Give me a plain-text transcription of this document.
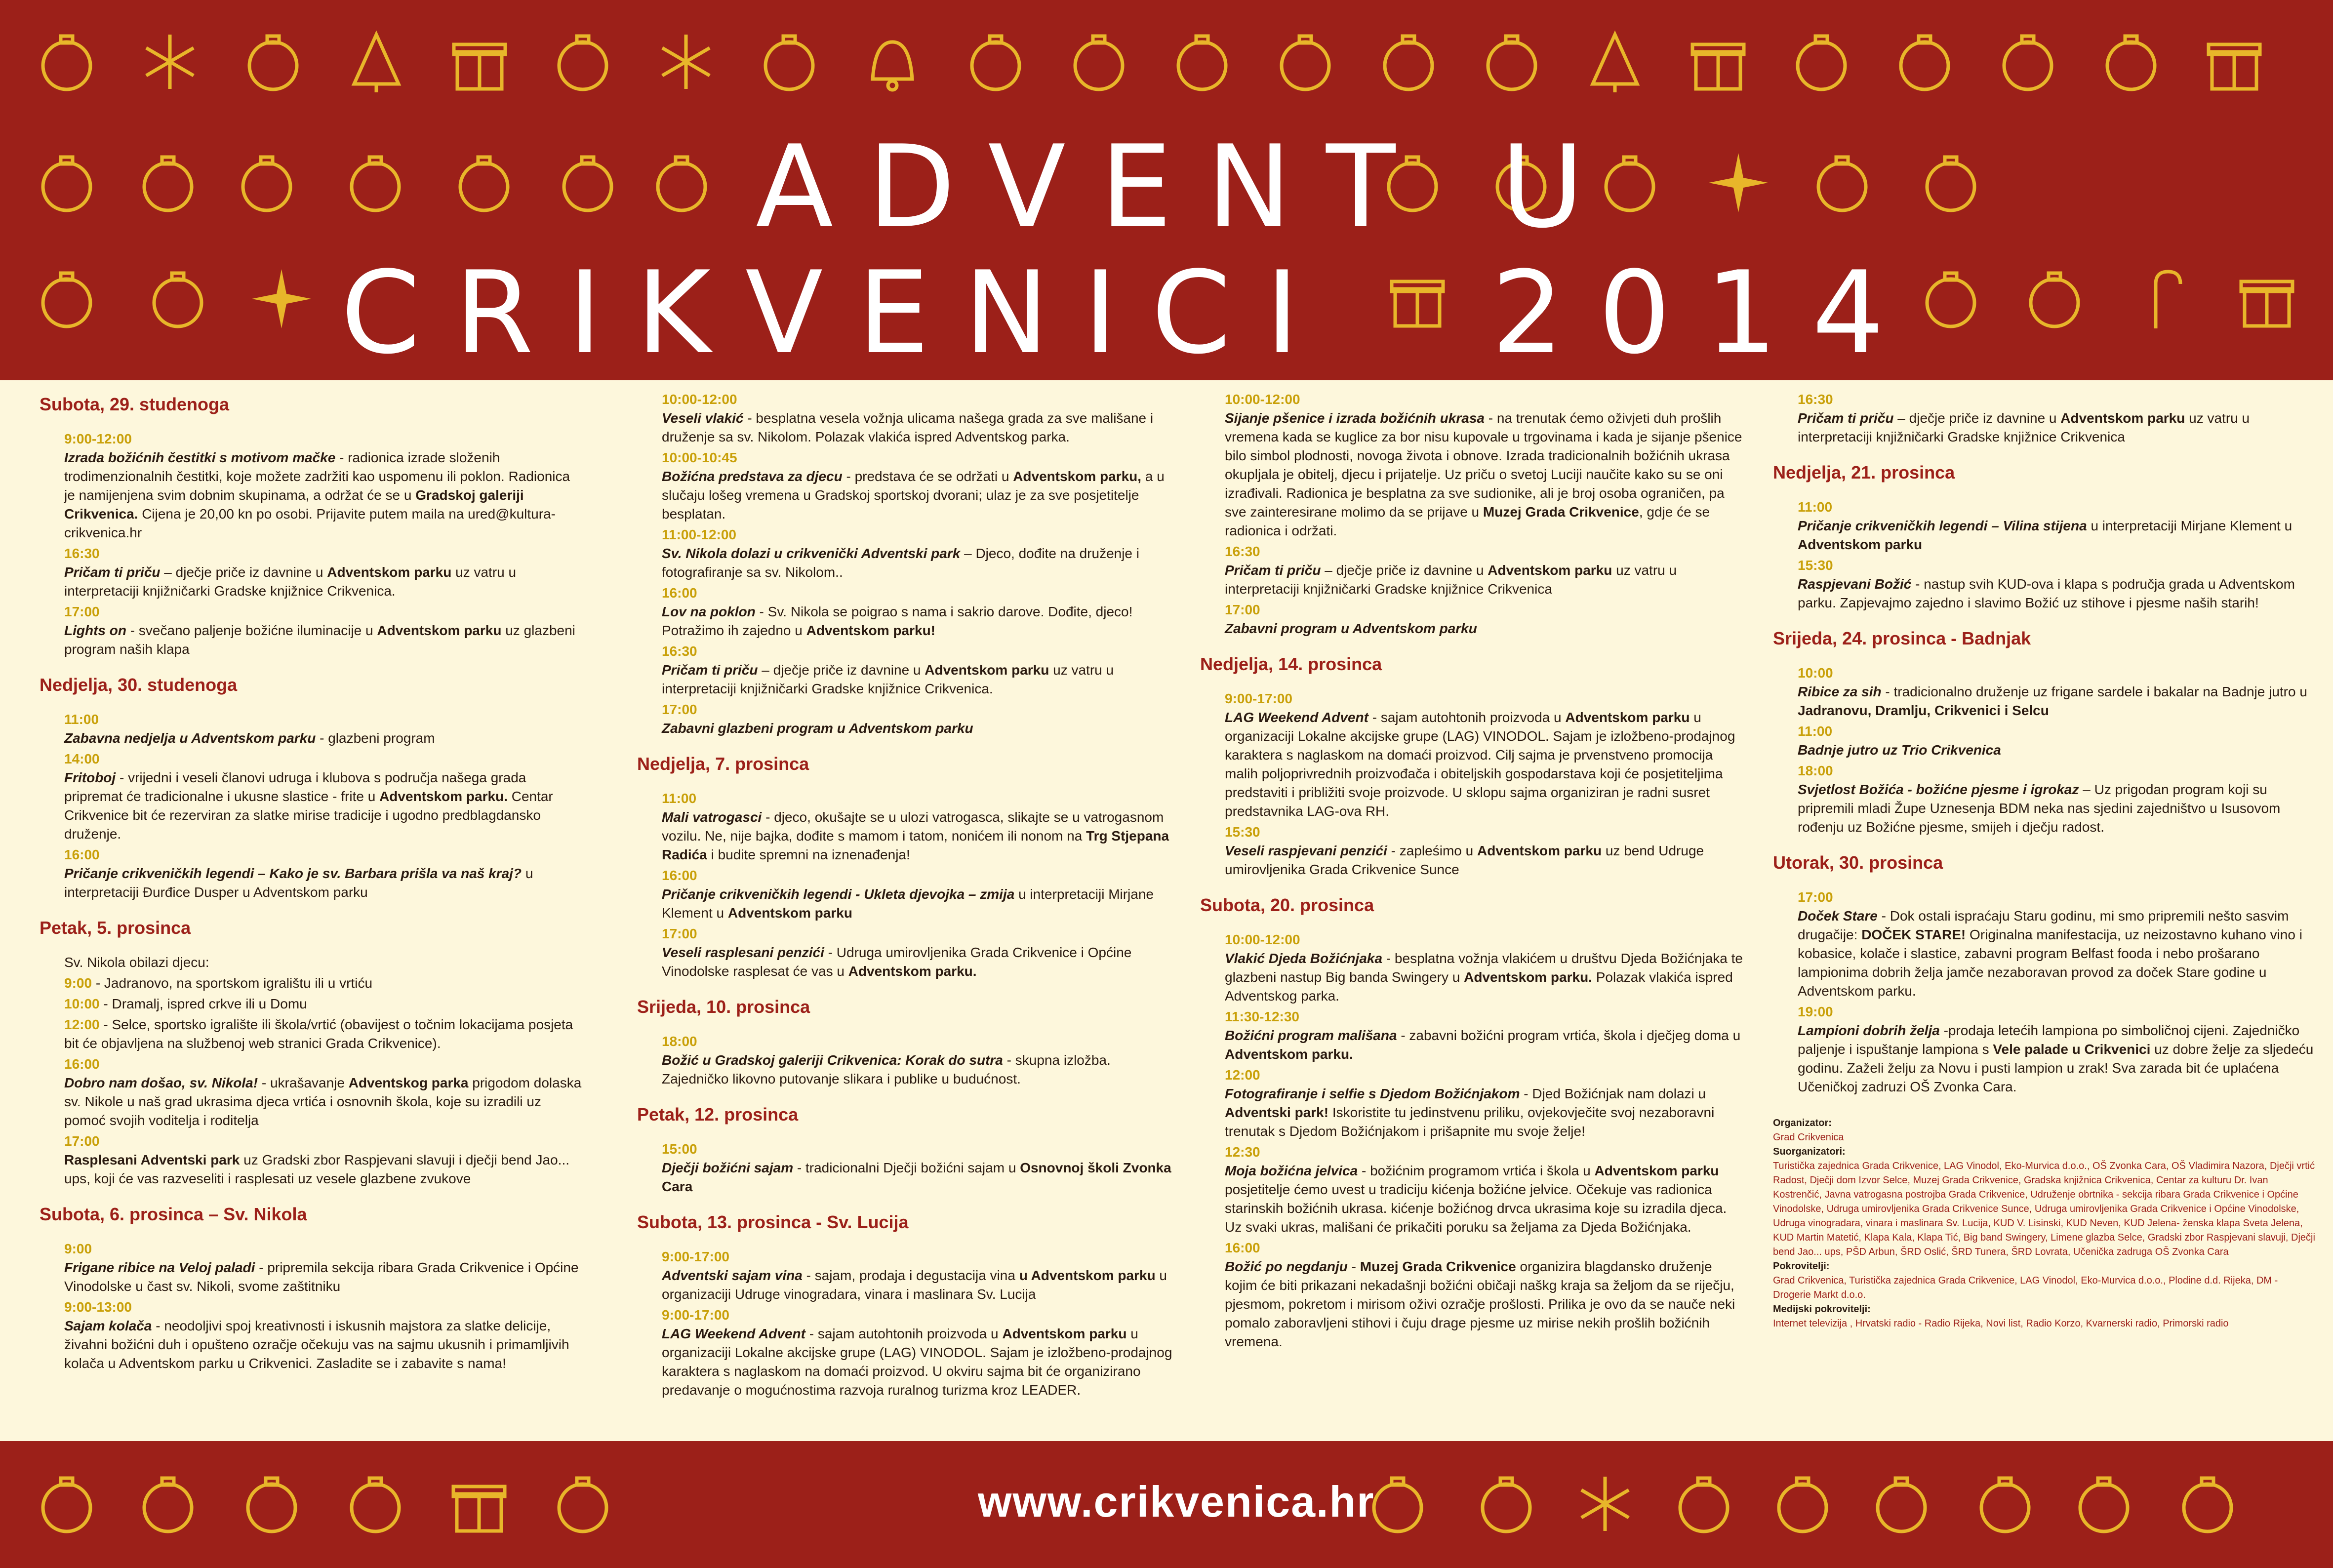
ADVENT U
CRIKVENICI 2014
Subota, 29. studenoga
9:00-12:00
Izrada božićnih čestitki s motivom mačke - radionica izrade složenih trodimenzionalnih čestitki, koje možete zadržiti kao uspomenu ili poklon. Radionica je namijenjena svim dobnim skupinama, a održat će se u Gradskoj galeriji Crikvenica. Cijena je 20,00 kn po osobi. Prijavite putem maila na ured@kultura-crikvenica.hr
16:30
Pričam ti priču – dječje priče iz davnine u Adventskom parku uz vatru u interpretaciji knjižničarki Gradske knjižnice Crikvenica.
17:00
Lights on - svečano paljenje božićne iluminacije u Adventskom parku uz glazbeni program naših klapa
Nedjelja, 30. studenoga
11:00
Zabavna nedjelja u Adventskom parku - glazbeni program
14:00
Fritoboj - vrijedni i veseli članovi udruga i klubova s područja našega grada pripremat će tradicionalne i ukusne slastice - frite u Adventskom parku. Centar Crikvenice bit će rezerviran za slatke mirise tradicije i ugodno predblagdansko druženje.
16:00
Pričanje crikveničkih legendi – Kako je sv. Barbara prišla va naš kraj? u interpretaciji Đurđice Dusper u Adventskom parku
Petak, 5. prosinca
Sv. Nikola obilazi djecu:
9:00 - Jadranovo, na sportskom igralištu ili u vrtiću
10:00 - Dramalj, ispred crkve ili u Domu
12:00 - Selce, sportsko igralište ili škola/vrtić (obavijest o točnim lokacijama posjeta bit će objavljena na službenoj web stranici Grada Crikvenice).
16:00
Dobro nam došao, sv. Nikola! - ukrašavanje Adventskog parka prigodom dolaska sv. Nikole u naš grad ukrasima djeca vrtića i osnovnih škola, koje su izradili uz pomoć svojih voditelja i roditelja
17:00
Rasplesani Adventski park uz Gradski zbor Raspjevani slavuji i dječji bend Jao... ups, koji će vas razveseliti i rasplesati uz vesele glazbene zvukove
Subota, 6. prosinca – Sv. Nikola
9:00
Frigane ribice na Veloj paladi - pripremila sekcija ribara Grada Crikvenice i Općine Vinodolske u čast sv. Nikoli, svome zaštitniku
9:00-13:00
Sajam kolača - neodoljivi spoj kreativnosti i iskusnih majstora za slatke delicije, živahni božićni duh i opušteno ozračje očekuju vas na sajmu ukusnih i primamljivih kolača u Adventskom parku u Crikvenici. Zasladite se i zabavite s nama!
10:00-12:00
Veseli vlakić - besplatna vesela vožnja ulicama našega grada za sve mališane i druženje sa sv. Nikolom. Polazak vlakića ispred Adventskog parka.
10:00-10:45
Božićna predstava za djecu - predstava će se održati u Adventskom parku, a u slučaju lošeg vremena u Gradskoj sportskoj dvorani; ulaz je za sve posjetitelje besplatan.
11:00-12:00
Sv. Nikola dolazi u crikvenički Adventski park – Djeco, dođite na druženje i fotografiranje sa sv. Nikolom..
16:00
Lov na poklon - Sv. Nikola se poigrao s nama i sakrio darove. Dođite, djeco! Potražimo ih zajedno u Adventskom parku!
16:30
Pričam ti priču – dječje priče iz davnine u Adventskom parku uz vatru u interpretaciji knjižničarki Gradske knjižnice Crikvenica.
17:00
Zabavni glazbeni program u Adventskom parku
Nedjelja, 7. prosinca
11:00
Mali vatrogasci - djeco, okušajte se u ulozi vatrogasca, slikajte se u vatrogasnom vozilu. Ne, nije bajka, dođite s mamom i tatom, nonićem ili nonom na Trg Stjepana Radića i budite spremni na iznenađenja!
16:00
Pričanje crikveničkih legendi - Ukleta djevojka – zmija u interpretaciji Mirjane Klement u Adventskom parku
17:00
Veseli rasplesani penzići - Udruga umirovljenika Grada Crikvenice i Općine Vinodolske rasplesat će vas u Adventskom parku.
Srijeda, 10. prosinca
18:00
Božić u Gradskoj galeriji Crikvenica: Korak do sutra - skupna izložba. Zajedničko likovno putovanje slikara i publike u budućnost.
Petak, 12. prosinca
15:00
Dječji božićni sajam - tradicionalni Dječji božićni sajam u Osnovnoj školi Zvonka Cara
Subota, 13. prosinca - Sv. Lucija
9:00-17:00
Adventski sajam vina - sajam, prodaja i degustacija vina u Adventskom parku u organizaciji Udruge vinogradara, vinara i maslinara Sv. Lucija
9:00-17:00
LAG Weekend Advent - sajam autohtonih proizvoda u Adventskom parku u organizaciji Lokalne akcijske grupe (LAG) VINODOL. Sajam je izložbeno-prodajnog karaktera s naglaskom na domaći proizvod. U okviru sajma bit će organizirano predavanje o mogućnostima razvoja ruralnog turizma kroz LEADER.
10:00-12:00
Sijanje pšenice i izrada božićnih ukrasa - na trenutak ćemo oživjeti duh prošlih vremena kada se kuglice za bor nisu kupovale u trgovinama i kada je sijanje pšenice bilo simbol plodnosti, novoga života i obnove. Izrada tradicionalnih božićnih ukrasa okupljala je obitelj, djecu i prijatelje. Uz priču o svetoj Luciji naučite kako su se oni izrađivali. Radionica je besplatna za sve sudionike, ali je broj osoba ograničen, pa sve zainteresirane molimo da se prijave u Muzej Grada Crikvenice, gdje će se radionica i održati.
16:30
Pričam ti priču – dječje priče iz davnine u Adventskom parku uz vatru u interpretaciji knjižničarki Gradske knjižnice Crikvenica
17:00
Zabavni program u Adventskom parku
Nedjelja, 14. prosinca
9:00-17:00
LAG Weekend Advent - sajam autohtonih proizvoda u Adventskom parku u organizaciji Lokalne akcijske grupe (LAG) VINODOL. Sajam je izložbeno-prodajnog karaktera s naglaskom na domaći proizvod. Cilj sajma je prvenstveno promocija malih poljoprivrednih proizvođača i obiteljskih gospodarstava koji će posjetiteljima predstaviti i približiti svoje proizvode. U sklopu sajma organiziran je radni susret predstavnika LAG-ova RH.
15:30
Veseli raspjevani penzići - zapleśimo u Adventskom parku uz bend Udruge umirovljenika Grada Crikvenice Sunce
Subota, 20. prosinca
10:00-12:00
Vlakić Djeda Božićnjaka - besplatna vožnja vlakićem u društvu Djeda Božićnjaka te glazbeni nastup Big banda Swingery u Adventskom parku. Polazak vlakića ispred Adventskog parka.
11:30-12:30
Božićni program mališana - zabavni božićni program vrtića, škola i dječjeg doma u Adventskom parku.
12:00
Fotografiranje i selfie s Djedom Božićnjakom - Djed Božićnjak nam dolazi u Adventski park! Iskoristite tu jedinstvenu priliku, ovjekovječite svoj nezaboravni trenutak s Djedom Božićnjakom i prišapnite mu svoje želje!
12:30
Moja božićna jelvica - božićnim programom vrtića i škola u Adventskom parku posjetitelje ćemo uvest u tradiciju kićenja božićne jelvice. Očekuje vas radionica starinskih božićnih ukrasa. kićenje božićnog drvca ukrasima koje su izradila djeca. Uz svaki ukras, mališani će prikačiti poruku sa željama za Djeda Božićnjaka.
16:00
Božić po negdanju - Muzej Grada Crikvenice organizira blagdansko druženje kojim će biti prikazani nekadašnji božićni običaji naškg kraja sa željom da se riječju, pjesmom, pokretom i mirisom oživi ozračje prošlosti. Prilika je ovo da se nauče neki pomalo zaboravljeni stihovi i čuju drage pjesme uz mirise nekih prošlih božićnih vremena.
16:30
Pričam ti priču – dječje priče iz davnine u Adventskom parku uz vatru u interpretaciji knjižničarki Gradske knjižnice Crikvenica
Nedjelja, 21. prosinca
11:00
Pričanje crikveničkih legendi – Vilina stijena u interpretaciji Mirjane Klement u Adventskom parku
15:30
Raspjevani Božić - nastup svih KUD-ova i klapa s područja grada u Adventskom parku. Zapjevajmo zajedno i slavimo Božić uz stihove i pjesme naših starih!
Srijeda, 24. prosinca - Badnjak
10:00
Ribice za sih - tradicionalno druženje uz frigane sardele i bakalar na Badnje jutro u Jadranovu, Dramlju, Crikvenici i Selcu
11:00
Badnje jutro uz Trio Crikvenica
18:00
Svjetlost Božića - božićne pjesme i igrokaz – Uz prigodan program koji su pripremili mladi Župe Uznesenja BDM neka nas sjedini zajedništvo u Isusovom rođenju uz Božićne pjesme, smijeh i dječju radost.
Utorak, 30. prosinca
17:00
Doček Stare - Dok ostali ispraćaju Staru godinu, mi smo pripremili nešto sasvim drugačije: DOČEK STARE! Originalna manifestacija, uz neizostavno kuhano vino i kobasice, kolače i slastice, zabavni program Belfast fooda i nebo prošarano lampionima dobrih želja jamče nezaboravan provod za doček Stare godine u Adventskom parku.
19:00
Lampioni dobrih želja -prodaja letećih lampiona po simboličnoj cijeni. Zajedničko paljenje i ispuštanje lampiona s Vele palade u Crikvenici uz dobre želje za sljedeću godinu. Zaželi želju za Novu i pusti lampion u zrak! Sva zarada bit će uplaćena Učeničkoj zadruzi OŠ Zvonka Cara.
Organizator:
Grad Crikvenica
Suorganizatori:
Turistička zajednica Grada Crikvenice, LAG Vinodol, Eko-Murvica d.o.o., OŠ Zvonka Cara, OŠ Vladimira Nazora, Dječji vrtić Radost, Dječji dom Izvor Selce, Muzej Grada Crikvenice, Gradska knjižnica Crikvenica, Centar za kulturu Dr. Ivan Kostrenčić, Javna vatrogasna postrojba Grada Crikvenice, Udruženje obrtnika - sekcija ribara Grada Crikvenice i Općine Vinodolske, Udruga umirovljenika Grada Crikvenice Sunce, Udruga umirovljenika Grada Crikvenice i Općine Vinodolske, Udruga vinogradara, vinara i maslinara Sv. Lucija, KUD V. Lisinski, KUD Neven, KUD Jelena- ženska klapa Sveta Jelena, KUD Martin Matetić, Klapa Kala, Klapa Tić, Big band Swingery, Limene glazba Selce, Gradski zbor Raspjevani slavuji, Dječji bend Jao... ups, PŠD Arbun, ŠRD Oslić, ŠRD Tunera, ŠRD Lovrata, Učenička zadruga OŠ Zvonka Cara
Pokrovitelji:
Grad Crikvenica, Turistička zajednica Grada Crikvenice, LAG Vinodol, Eko-Murvica d.o.o., Plodine d.d. Rijeka, DM - Drogerie Markt d.o.o.
Medijski pokrovitelji:
Internet televizija , Hrvatski radio - Radio Rijeka, Novi list, Radio Korzo, Kvarnerski radio, Primorski radio
www.crikvenica.hr
